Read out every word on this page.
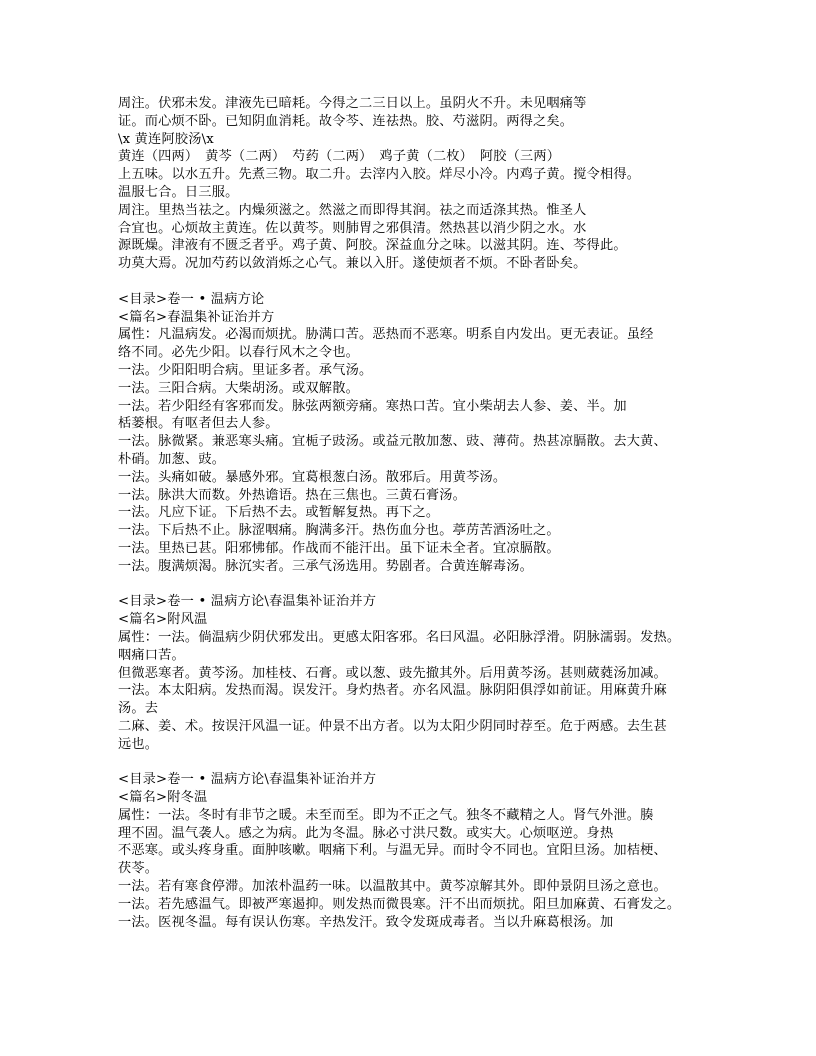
周注。伏邪未发。津液先已暗耗。今得之二三日以上。虽阴火不升。未见咽痛等
证。而心烦不卧。已知阴血消耗。故令芩、连祛热。胶、芍滋阴。两得之矣。
\x 黄连阿胶汤\x
黄连（四两）　黄芩（二两）　芍药（二两）　鸡子黄（二枚）　阿胶（三两）
上五味。以水五升。先煮三物。取二升。去滓内入胶。烊尽小冷。内鸡子黄。搅令相得。
温服七合。日三服。
周注。里热当祛之。内燥须滋之。然滋之而即得其润。祛之而适涤其热。惟圣人
合宜也。心烦故主黄连。佐以黄芩。则肺胃之邪俱清。然热甚以消少阴之水。水
源既燥。津液有不匮乏者乎。鸡子黄、阿胶。深益血分之味。以滋其阴。连、芩得此。
功莫大焉。况加芍药以敛消烁之心气。兼以入肝。遂使烦者不烦。不卧者卧矣。
<目录>卷一 • 温病方论
<篇名>春温集补证治并方
属性：凡温病发。必渴而烦扰。胁满口苦。恶热而不恶寒。明系自内发出。更无表证。虽经
络不同。必先少阳。以春行风木之令也。
一法。少阳阳明合病。里证多者。承气汤。
一法。三阳合病。大柴胡汤。或双解散。
一法。若少阳经有客邪而发。脉弦两额旁痛。寒热口苦。宜小柴胡去人参、姜、半。加
栝蒌根。有呕者但去人参。
一法。脉微紧。兼恶寒头痛。宜栀子豉汤。或益元散加葱、豉、薄荷。热甚凉膈散。去大黄、
朴硝。加葱、豉。
一法。头痛如破。暴感外邪。宜葛根葱白汤。散邪后。用黄芩汤。
一法。脉洪大而数。外热谵语。热在三焦也。三黄石膏汤。
一法。凡应下证。下后热不去。或暂解复热。再下之。
一法。下后热不止。脉涩咽痛。胸满多汗。热伤血分也。葶苈苦酒汤吐之。
一法。里热已甚。阳邪怫郁。作战而不能汗出。虽下证未全者。宜凉膈散。
一法。腹满烦渴。脉沉实者。三承气汤选用。势剧者。合黄连解毒汤。
<目录>卷一 • 温病方论\春温集补证治并方
<篇名>附风温
属性：一法。倘温病少阴伏邪发出。更感太阳客邪。名曰风温。必阳脉浮滑。阴脉濡弱。发热。
咽痛口苦。
但微恶寒者。黄芩汤。加桂枝、石膏。或以葱、豉先撤其外。后用黄芩汤。甚则葳蕤汤加减。
一法。本太阳病。发热而渴。误发汗。身灼热者。亦名风温。脉阴阳俱浮如前证。用麻黄升麻
汤。去
二麻、姜、术。按误汗风温一证。仲景不出方者。以为太阳少阴同时荐至。危于两感。去生甚
远也。
<目录>卷一 • 温病方论\春温集补证治并方
<篇名>附冬温
属性：一法。冬时有非节之暖。未至而至。即为不正之气。独冬不藏精之人。肾气外泄。腠
理不固。温气袭人。感之为病。此为冬温。脉必寸洪尺数。或实大。心烦呕逆。身热
不恶寒。或头疼身重。面肿咳嗽。咽痛下利。与温无异。而时令不同也。宜阳旦汤。加桔梗、
茯苓。
一法。若有寒食停滞。加浓朴温药一味。以温散其中。黄芩凉解其外。即仲景阴旦汤之意也。
一法。若先感温气。即被严寒遏抑。则发热而微畏寒。汗不出而烦扰。阳旦加麻黄、石膏发之。
一法。医视冬温。每有误认伤寒。辛热发汗。致令发斑成毒者。当以升麻葛根汤。加
